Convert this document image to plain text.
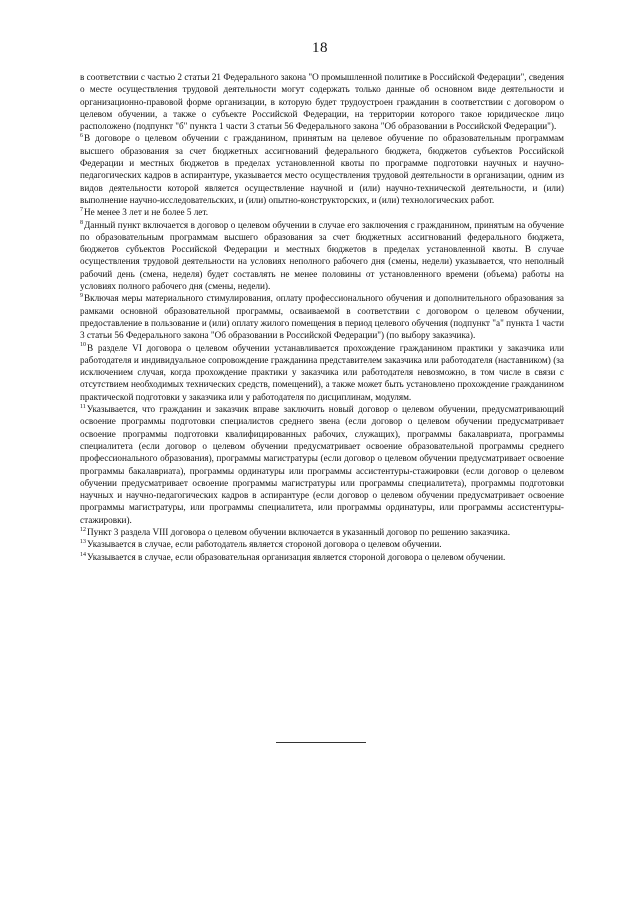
18

в соответствии с частью 2 статьи 21 Федерального закона "О промышленной политике в Российской Федерации", сведения о месте осуществления трудовой деятельности могут содержать только данные об основном виде деятельности и организационно-правовой форме организации, в которую будет трудоустроен гражданин в соответствии с договором о целевом обучении, а также о субъекте Российской Федерации, на территории которого такое юридическое лицо расположено (подпункт "б" пункта 1 части 3 статьи 56 Федерального закона "Об образовании в Российской Федерации").

$^6$В договоре о целевом обучении с гражданином, принятым на целевое обучение по образовательным программам высшего образования за счет бюджетных ассигнований федерального бюджета, бюджетов субъектов Российской Федерации и местных бюджетов в пределах установленной квоты по программе подготовки научных и научно-педагогических кадров в аспирантуре, указывается место осуществления трудовой деятельности в организации, одним из видов деятельности которой является осуществление научной и (или) научно-технической деятельности, и (или) выполнение научно-исследовательских, и (или) опытно-конструкторских, и (или) технологических работ.

$^7$Не менее 3 лет и не более 5 лет.

$^8$Данный пункт включается в договор о целевом обучении в случае его заключения с гражданином, принятым на обучение по образовательным программам высшего образования за счет бюджетных ассигнований федерального бюджета, бюджетов субъектов Российской Федерации и местных бюджетов в пределах установленной квоты. В случае осуществления трудовой деятельности на условиях неполного рабочего дня (смены, недели) указывается, что неполный рабочий день (смена, неделя) будет составлять не менее половины от установленного времени (объема) работы на условиях полного рабочего дня (смены, недели).

$^9$Включая меры материального стимулирования, оплату профессионального обучения и дополнительного образования за рамками основной образовательной программы, осваиваемой в соответствии с договором о целевом обучении, предоставление в пользование и (или) оплату жилого помещения в период целевого обучения (подпункт "а" пункта 1 части 3 статьи 56 Федерального закона "Об образовании в Российской Федерации") (по выбору заказчика).

$^{10}$В разделе VI договора о целевом обучении устанавливается прохождение гражданином практики у заказчика или работодателя и индивидуальное сопровождение гражданина представителем заказчика или работодателя (наставником) (за исключением случая, когда прохождение практики у заказчика или работодателя невозможно, в том числе в связи с отсутствием необходимых технических средств, помещений), а также может быть установлено прохождение гражданином практической подготовки у заказчика или у работодателя по дисциплинам, модулям.

$^{11}$Указывается, что гражданин и заказчик вправе заключить новый договор о целевом обучении, предусматривающий освоение программы подготовки специалистов среднего звена (если договор о целевом обучении предусматривает освоение программы подготовки квалифицированных рабочих, служащих), программы бакалавриата, программы специалитета (если договор о целевом обучении предусматривает освоение образовательной программы среднего профессионального образования), программы магистратуры (если договор о целевом обучении предусматривает освоение программы бакалавриата), программы ординатуры или программы ассистентуры-стажировки (если договор о целевом обучении предусматривает освоение программы магистратуры или программы специалитета), программы подготовки научных и научно-педагогических кадров в аспирантуре (если договор о целевом обучении предусматривает освоение программы магистратуры, или программы специалитета, или программы ординатуры, или программы ассистентуры-стажировки).

$^{12}$Пункт 3 раздела VIII договора о целевом обучении включается в указанный договор по решению заказчика.

$^{13}$Указывается в случае, если работодатель является стороной договора о целевом обучении.

$^{14}$Указывается в случае, если образовательная организация является стороной договора о целевом обучении.
